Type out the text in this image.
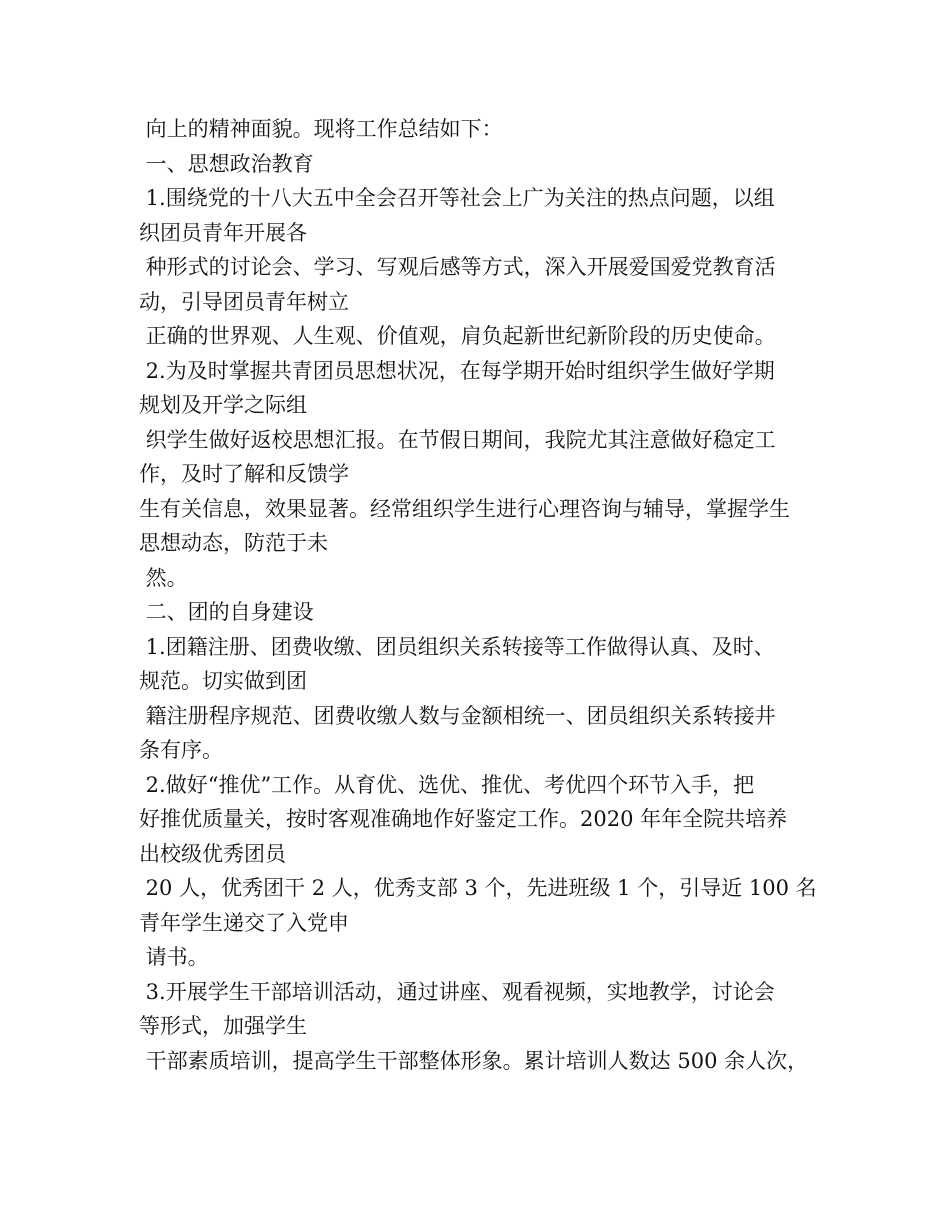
向上的精神面貌。现将工作总结如下：
一、思想政治教育
1.围绕党的十八大五中全会召开等社会上广为关注的热点问题，以组
织团员青年开展各
种形式的讨论会、学习、写观后感等方式，深入开展爱国爱党教育活
动，引导团员青年树立
正确的世界观、人生观、价值观，肩负起新世纪新阶段的历史使命。
2.为及时掌握共青团员思想状况，在每学期开始时组织学生做好学期
规划及开学之际组
织学生做好返校思想汇报。在节假日期间，我院尤其注意做好稳定工
作，及时了解和反馈学
生有关信息，效果显著。经常组织学生进行心理咨询与辅导，掌握学生
思想动态，防范于未
然。
二、团的自身建设
1.团籍注册、团费收缴、团员组织关系转接等工作做得认真、及时、
规范。切实做到团
籍注册程序规范、团费收缴人数与金额相统一、团员组织关系转接井
条有序。
2.做好“推优”工作。从育优、选优、推优、考优四个环节入手，把
好推优质量关，按时客观准确地作好鉴定工作。2020 年年全院共培养
出校级优秀团员
20 人，优秀团干 2 人，优秀支部 3 个，先进班级 1 个，引导近 100 名
青年学生递交了入党申
请书。
3.开展学生干部培训活动，通过讲座、观看视频，实地教学，讨论会
等形式，加强学生
干部素质培训，提高学生干部整体形象。累计培训人数达 500 余人次，
